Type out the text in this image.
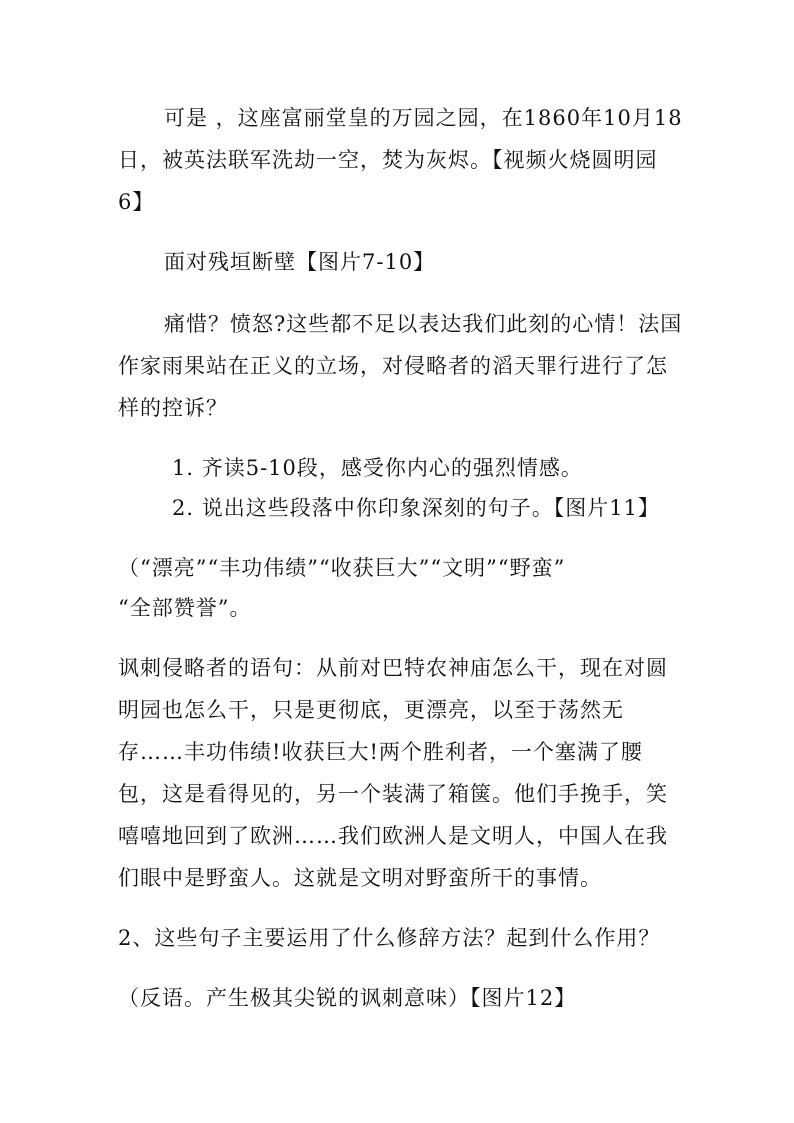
可是 ，这座富丽堂皇的万园之园，在1860年10月18
日，被英法联军洗劫一空，焚为灰烬。【视频火烧圆明园
6】
面对残垣断壁【图片7-10】
痛惜？愤怒?这些都不足以表达我们此刻的心情！法国
作家雨果站在正义的立场，对侵略者的滔天罪行进行了怎
样的控诉？
1. 齐读5-10段，感受你内心的强烈情感。
2. 说出这些段落中你印象深刻的句子。【图片11】
（“漂亮”“丰功伟绩”“收获巨大”“文明”“野蛮”
“全部赞誉”。
讽刺侵略者的语句：从前对巴特农神庙怎么干，现在对圆
明园也怎么干，只是更彻底，更漂亮，以至于荡然无
存……丰功伟绩!收获巨大!两个胜利者，一个塞满了腰
包，这是看得见的，另一个装满了箱箧。他们手挽手，笑
嘻嘻地回到了欧洲……我们欧洲人是文明人，中国人在我
们眼中是野蛮人。这就是文明对野蛮所干的事情。
2、这些句子主要运用了什么修辞方法？起到什么作用？
（反语。产生极其尖锐的讽刺意味）【图片12】
